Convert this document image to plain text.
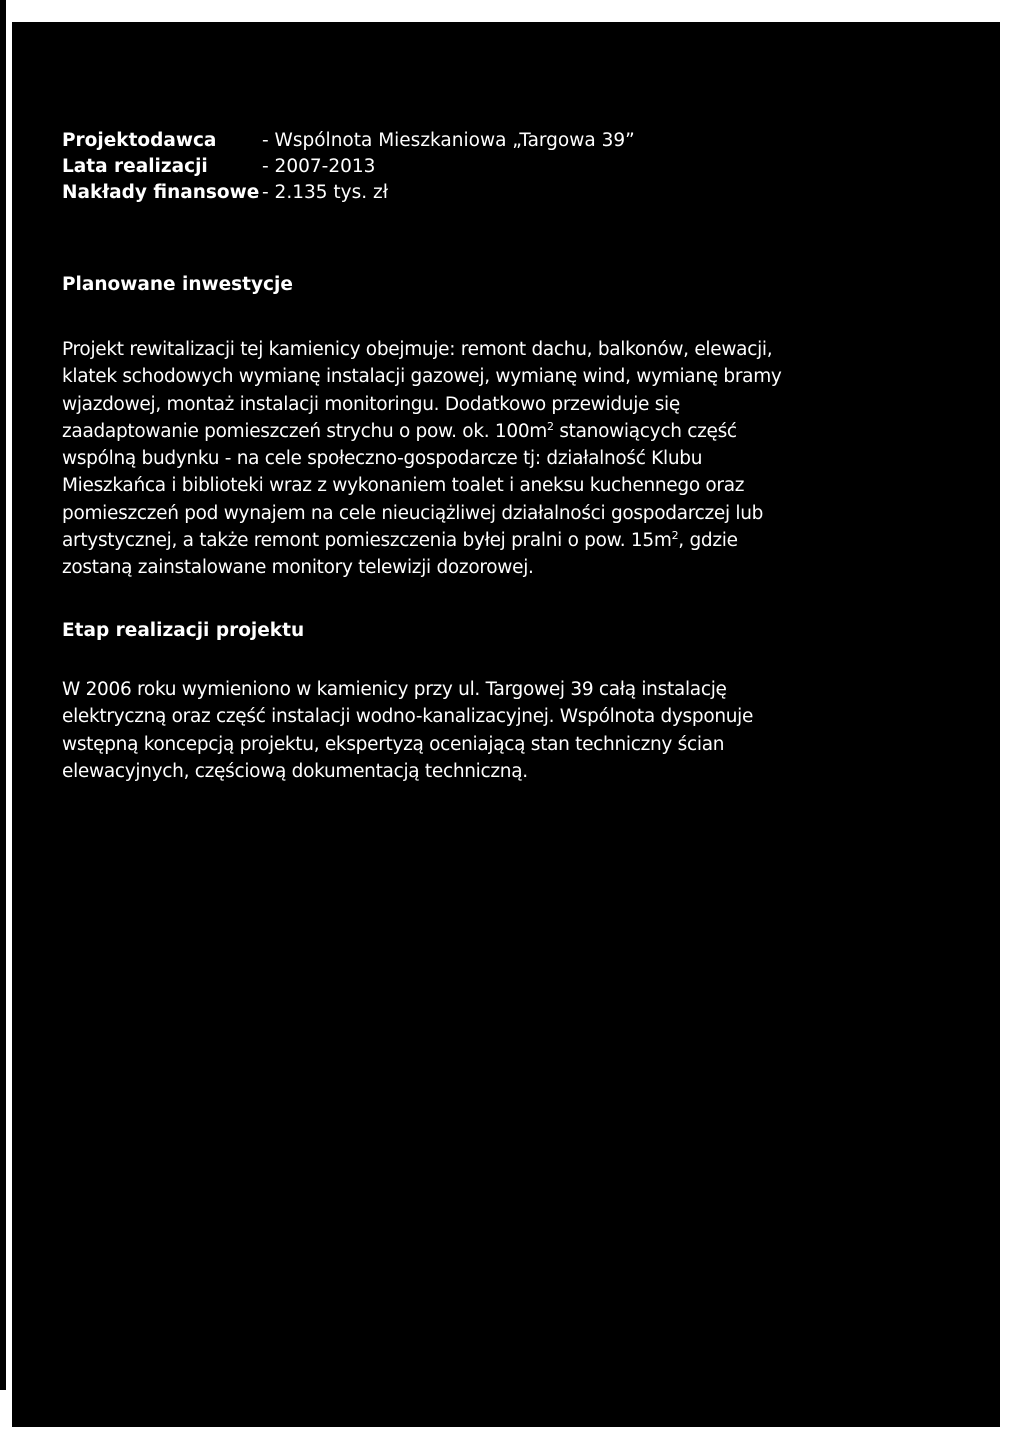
Projektodawca	- Wspólnota Mieszkaniowa „Targowa 39”
Lata realizacji	- 2007-2013
Nakłady finansowe - 2.135 tys. zł
Planowane inwestycje
Projekt rewitalizacji tej kamienicy obejmuje: remont dachu, balkonów, elewacji,
klatek schodowych wymianę instalacji gazowej, wymianę wind, wymianę bramy
wjazdowej, montaż instalacji monitoringu. Dodatkowo przewiduje się
zaadaptowanie pomieszczeń strychu o pow. ok. $100m^2$ stanowiących część
wspólną budynku - na cele społeczno-gospodarcze tj: działalność Klubu
Mieszkańca i biblioteki wraz z wykonaniem toalet i aneksu kuchennego oraz
pomieszczeń pod wynajem na cele nieuciążliwej działalności gospodarczej lub
artystycznej, a także remont pomieszczenia byłej pralni o pow. $15m^2$, gdzie
zostaną zainstalowane monitory telewizji dozorowej.
Etap realizacji projektu
W 2006 roku wymieniono w kamienicy przy ul. Targowej 39 całą instalację
elektryczną oraz część instalacji wodno-kanalizacyjnej. Wspólnota dysponuje
wstępną koncepcją projektu, ekspertyzą oceniającą stan techniczny ścian
elewacyjnych, częściową dokumentacją techniczną.
